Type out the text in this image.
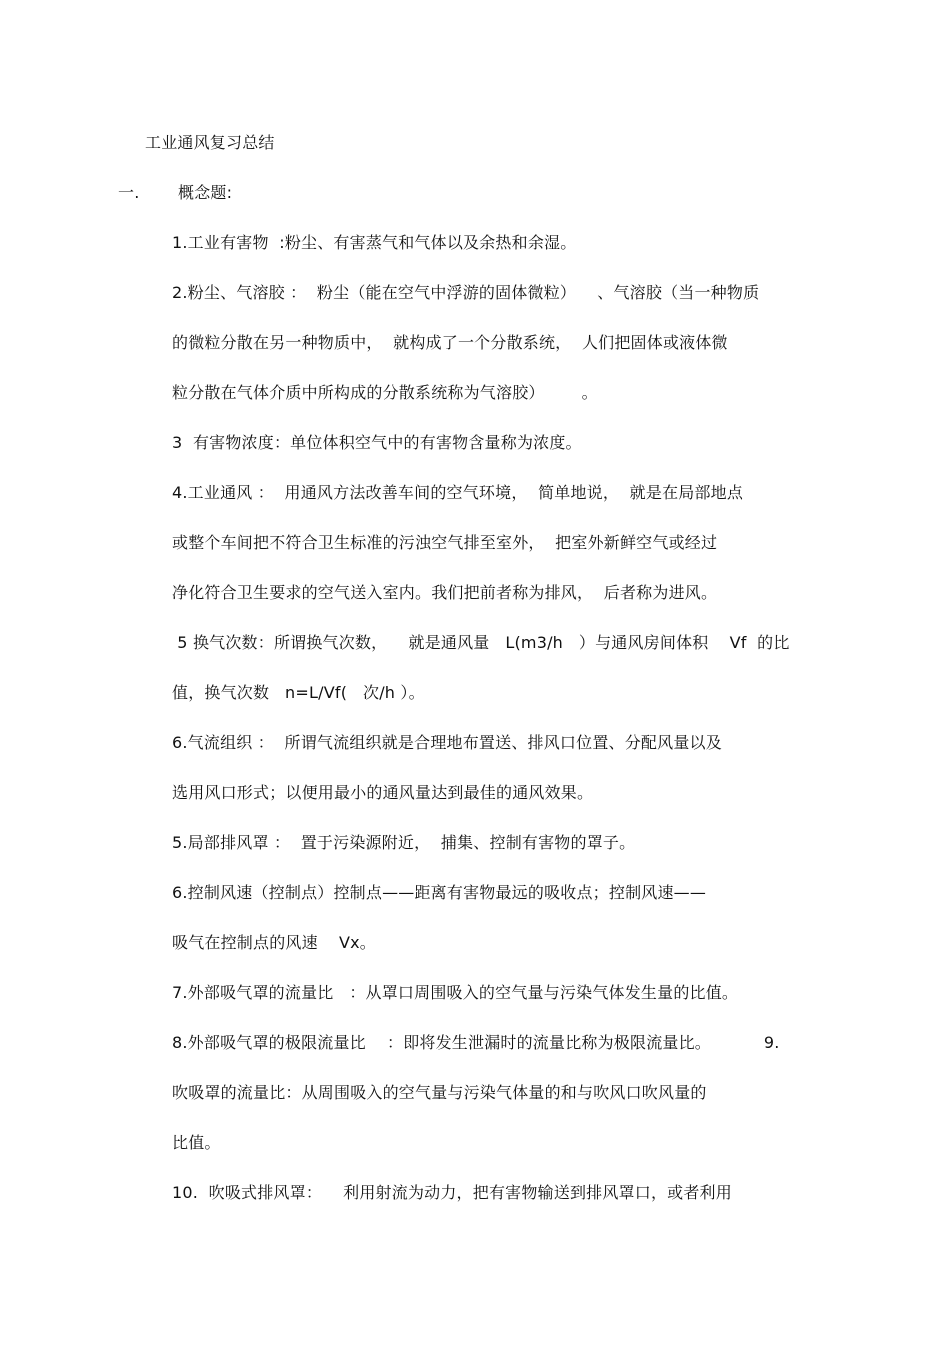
工业通风复习总结
一. 概念题:
1.工业有害物  :粉尘、有害蒸气和气体以及余热和余湿。
2.粉尘、气溶胶 ：  粉尘（能在空气中浮游的固体微粒）    、气溶胶（当一种物质
的微粒分散在另一种物质中，  就构成了一个分散系统，  人们把固体或液体微
粒分散在气体介质中所构成的分散系统称为气溶胶）       。
3  有害物浓度：单位体积空气中的有害物含量称为浓度。
4.工业通风 ：  用通风方法改善车间的空气环境，  简单地说，  就是在局部地点
或整个车间把不符合卫生标准的污浊空气排至室外，  把室外新鲜空气或经过
净化符合卫生要求的空气送入室内。我们把前者称为排风，  后者称为进风。
5 换气次数：所谓换气次数，    就是通风量   L(m3/h   ）与通风房间体积    Vf  的比
值，换气次数   n=L/Vf(   次/h ）。
6.气流组织 ：  所谓气流组织就是合理地布置送、排风口位置、分配风量以及
选用风口形式；以便用最小的通风量达到最佳的通风效果。
5.局部排风罩 ：  置于污染源附近，  捕集、控制有害物的罩子。
6.控制风速（控制点）控制点——距离有害物最远的吸收点；控制风速——
吸气在控制点的风速    Vx。
7.外部吸气罩的流量比   ：从罩口周围吸入的空气量与污染气体发生量的比值。
8.外部吸气罩的极限流量比    ：即将发生泄漏时的流量比称为极限流量比。          9.
吹吸罩的流量比：从周围吸入的空气量与污染气体量的和与吹风口吹风量的
比值。
10.  吹吸式排风罩：    利用射流为动力，把有害物输送到排风罩口，或者利用
